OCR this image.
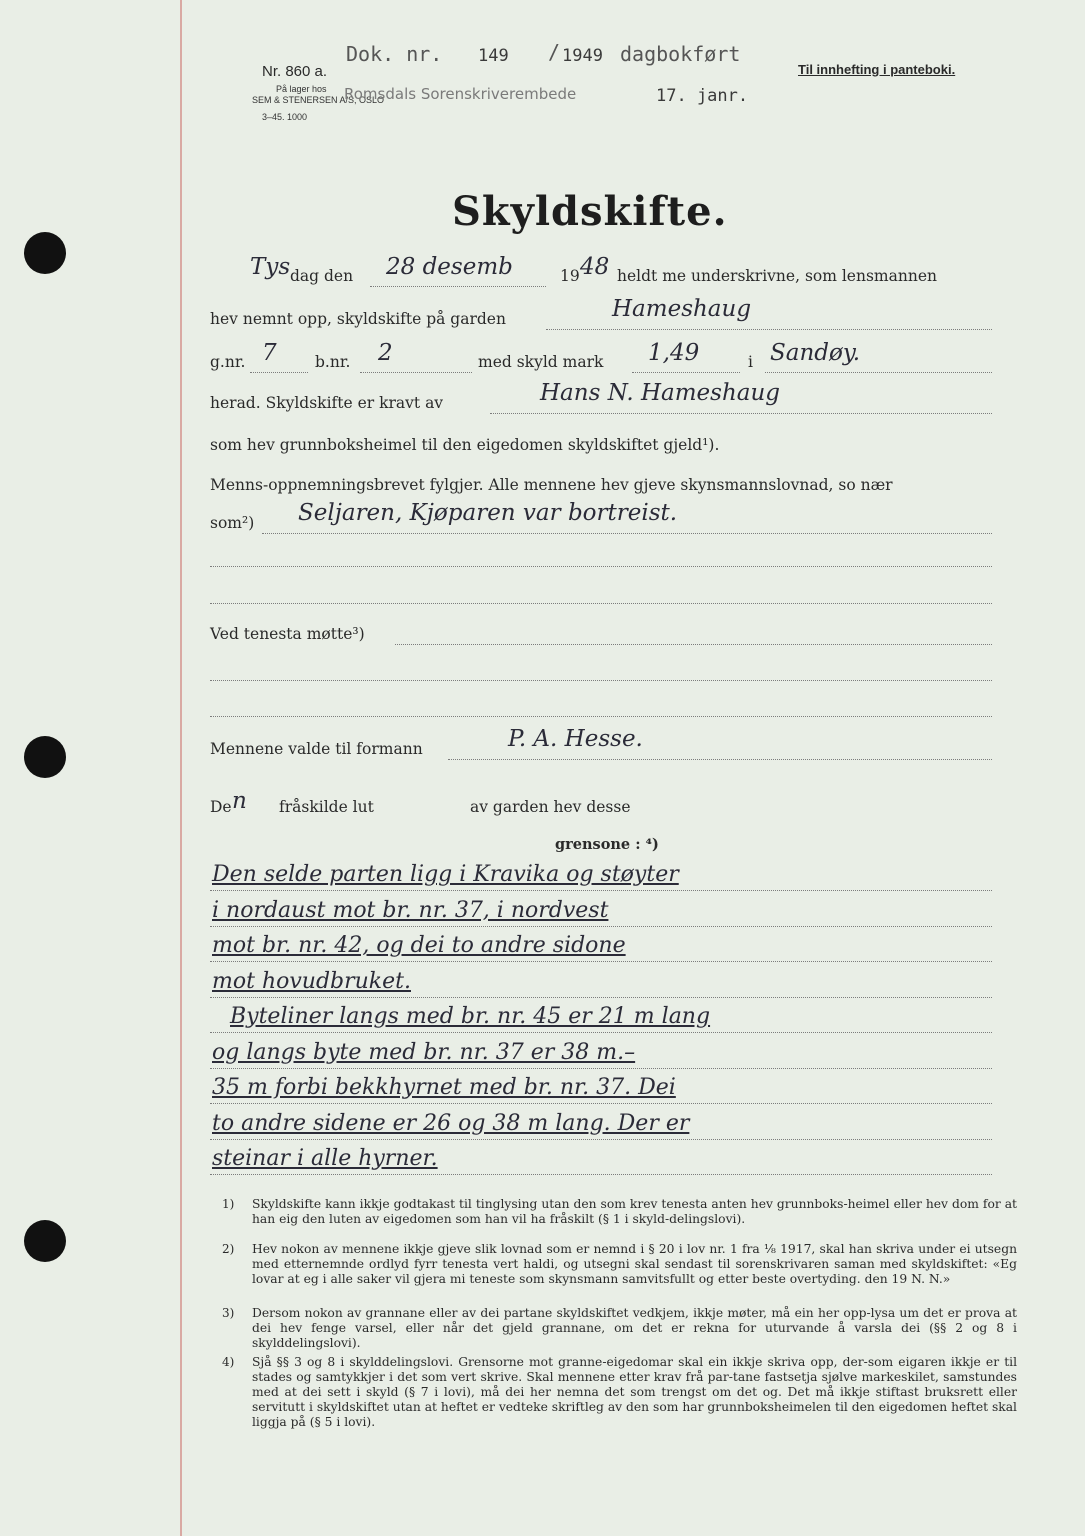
Nr. 860 a.
På lager hos
SEM & STENERSEN A/S, OSLO
3–45. 1000
Dok. nr. 149 / 1949 dagbokført
Romsdals Sorenskriverembede	17. janr.
Til innhefting i panteboki.
Skyldskifte.
Tys dag den 28 desemb	19 48 heldt me underskrivne, som lensmannen
hev nemnt opp, skyldskifte på garden	Hameshaug
g.nr. 7 b.nr. 2	med skyld mark 1,49	i Sandøy.
herad. Skyldskifte er kravt av	Hans N. Hameshaug
som hev grunnboksheimel til den eigedomen skyldskiftet gjeld¹).
Menns-oppnemningsbrevet fylgjer. Alle mennene hev gjeve skynsmannslovnad, so nær
som²) Seljaren, Kjøparen var bortreist.
Ved tenesta møtte³)
Mennene valde til formann	P. A. Hesse.
De n fråskilde lut	av garden hev desse
grensone : ⁴)
Den selde parten ligg i Kravika og støyter
i nordaust mot br. nr. 37, i nordvest
mot br. nr. 42, og dei to andre sidone
mot hovudbruket.
Byteliner langs med br. nr. 45 er 21 m lang
og langs byte med br. nr. 37 er 38 m.–
35 m forbi bekkhyrnet med br. nr. 37. Dei
to andre sidene er 26 og 38 m lang. Der er
steinar i alle hyrner.
1) Skyldskifte kann ikkje godtakast til tinglysing utan den som krev tenesta anten hev grunnboks-heimel eller hev dom for at han eig den luten av eigedomen som han vil ha fråskilt (§ 1 i skyld-delingslovi).
2) Hev nokon av mennene ikkje gjeve slik lovnad som er nemnd i § 20 i lov nr. 1 fra ⅛ 1917, skal han skriva under ei utsegn med etternemnde ordlyd fyrr tenesta vert haldi, og utsegni skal sendast til sorenskrivaren saman med skyldskiftet: «Eg lovar at eg i alle saker vil gjera mi teneste som skynsmann samvitsfullt og etter beste overtyding. den 19 N. N.»
3) Dersom nokon av grannane eller av dei partane skyldskiftet vedkjem, ikkje møter, må ein her opp-lysa um det er prova at dei hev fenge varsel, eller når det gjeld grannane, om det er rekna for uturvande å varsla dei (§§ 2 og 8 i skylddelingslovi).
4) Sjå §§ 3 og 8 i skylddelingslovi. Grensorne mot granne-eigedomar skal ein ikkje skriva opp, der-som eigaren ikkje er til stades og samtykkjer i det som vert skrive. Skal mennene etter krav frå par-tane fastsetja sjølve markeskilet, samstundes med at dei sett i skyld (§ 7 i lovi), må dei her nemna det som trengst om det og. Det må ikkje stiftast bruksrett eller servitutt i skyldskiftet utan at heftet er vedteke skriftleg av den som har grunnboksheimelen til den eigedomen heftet skal liggja på (§ 5 i lovi).
